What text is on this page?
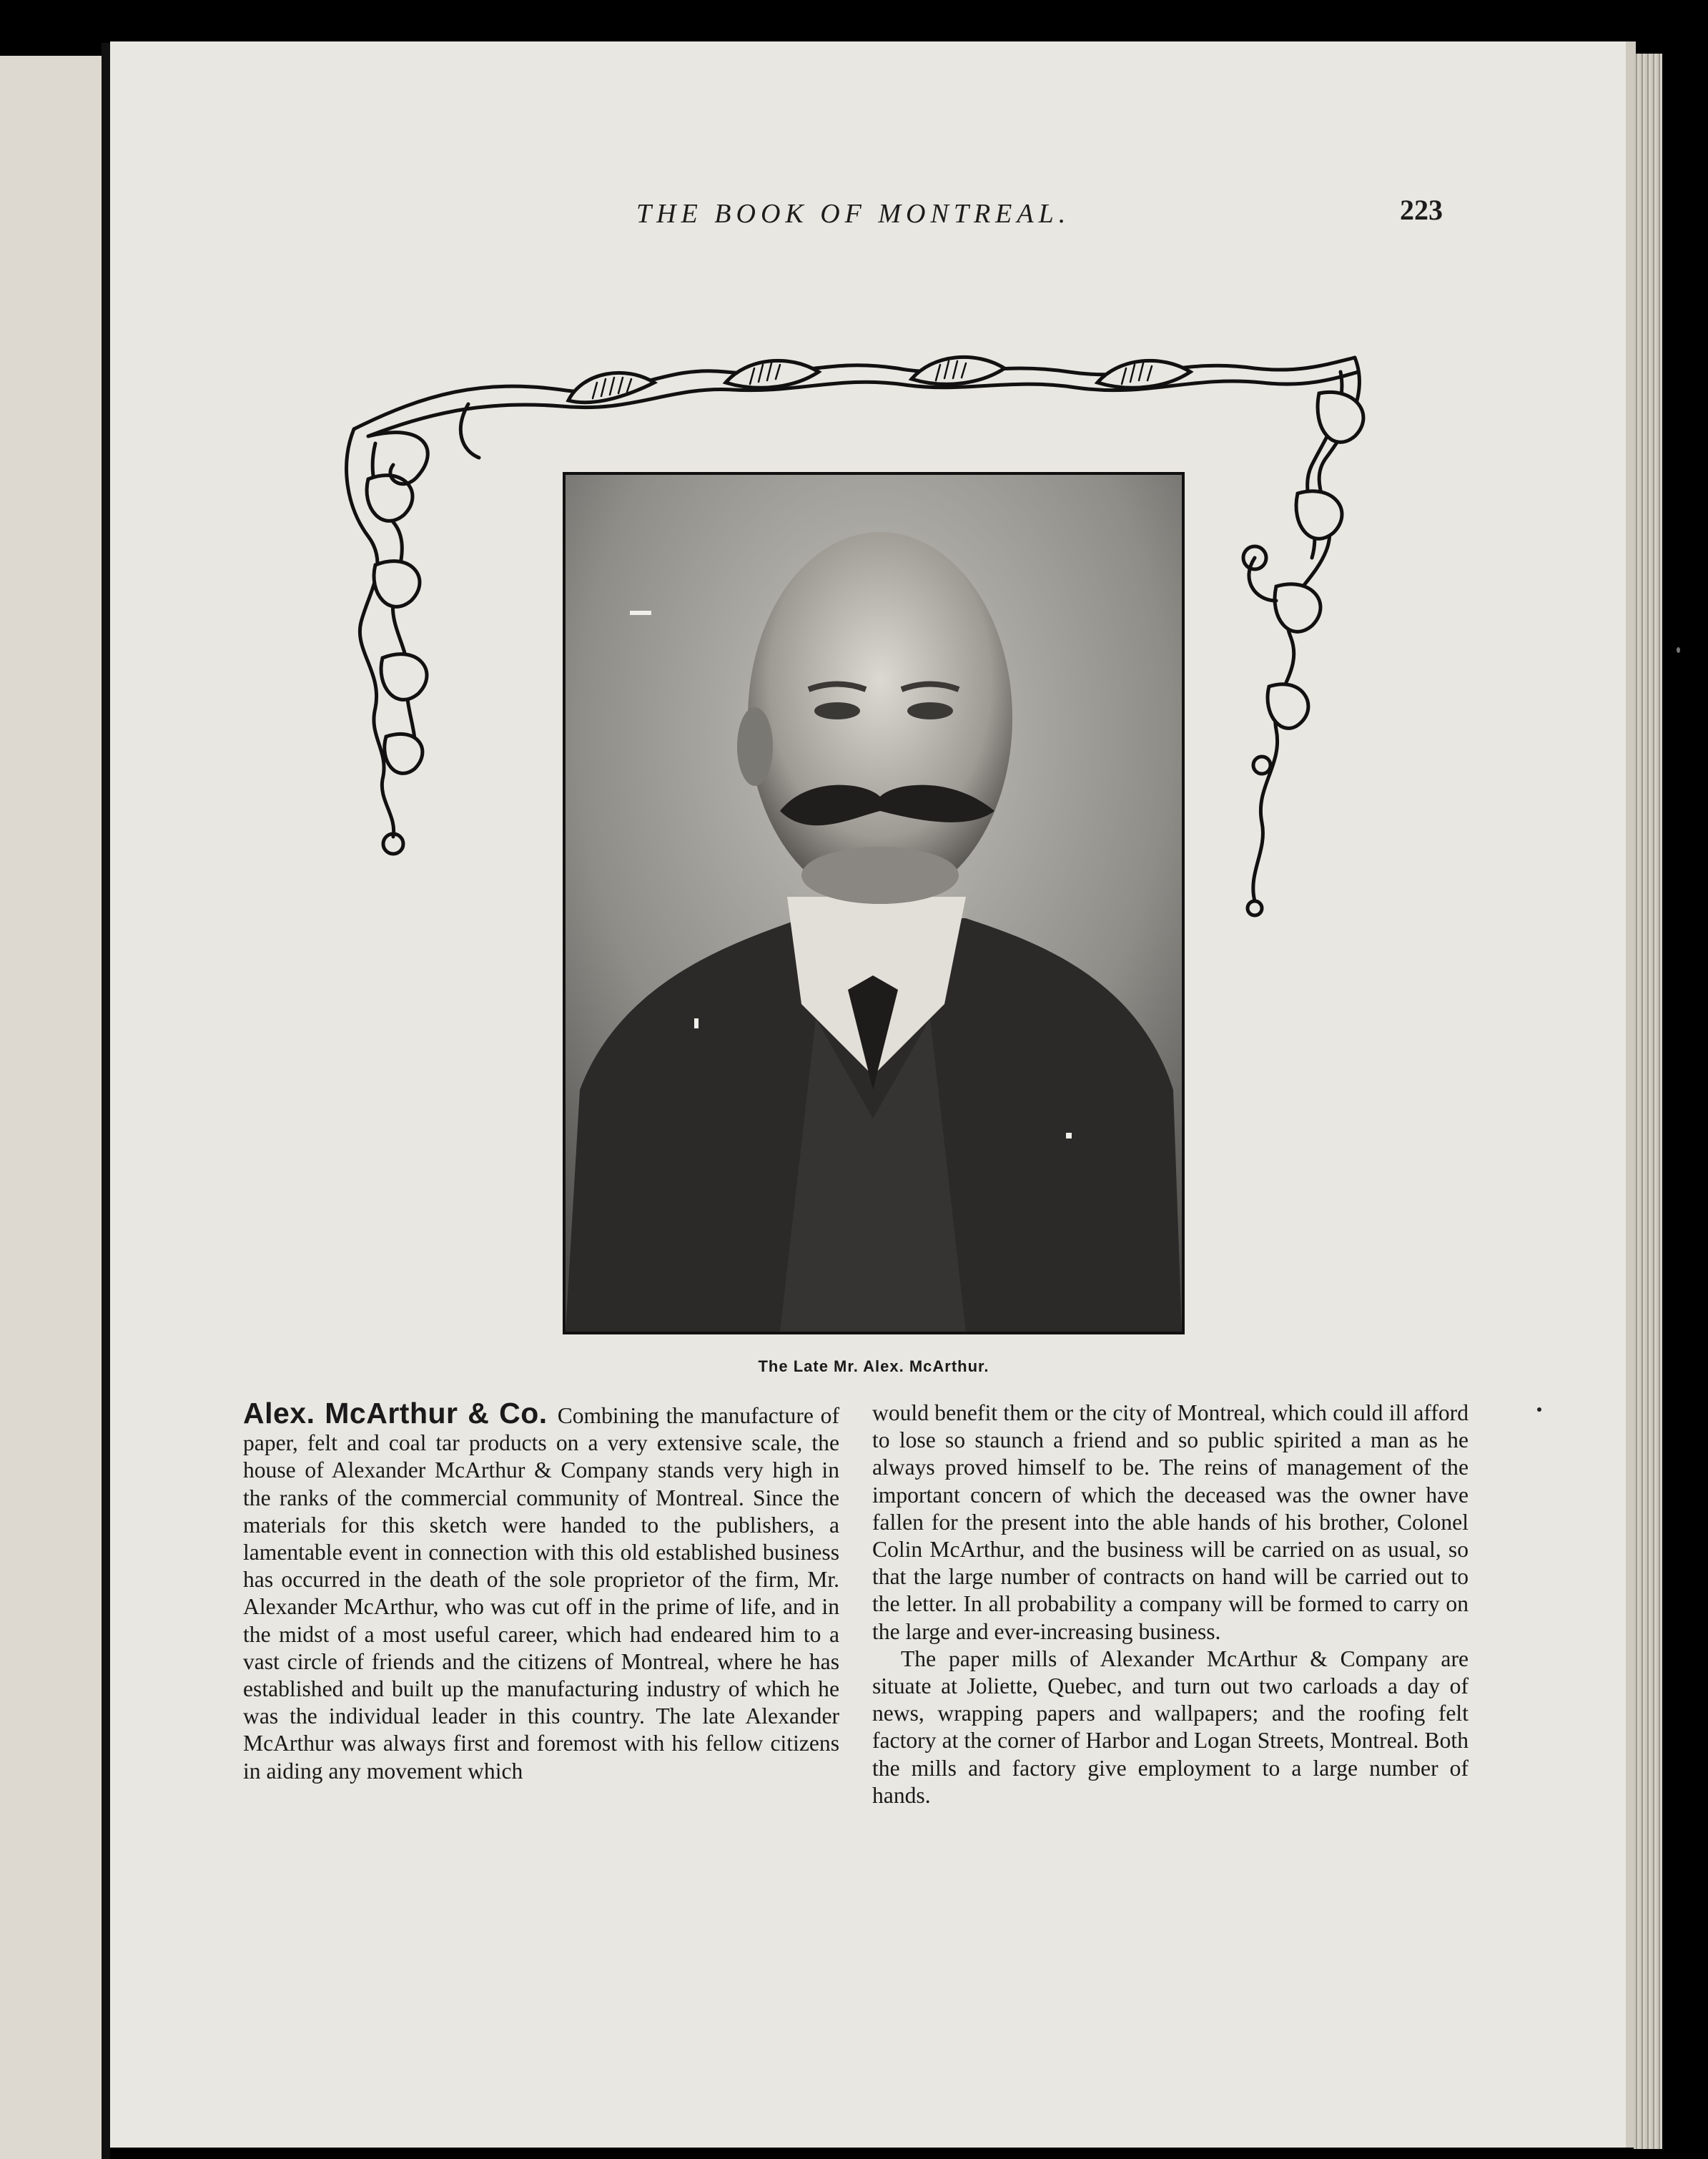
THE BOOK OF MONTREAL.	223
The Late Mr. Alex. McArthur.

Alex. McArthur & Co. Combining the manufacture of paper, felt and coal tar products on a very extensive scale, the house of Alexander McArthur & Company stands very high in the ranks of the commercial community of Montreal. Since the materials for this sketch were handed to the publishers, a lamentable event in connection with this old established business has occurred in the death of the sole proprietor of the firm, Mr. Alexander McArthur, who was cut off in the prime of life, and in the midst of a most useful career, which had endeared him to a vast circle of friends and the citizens of Montreal, where he has established and built up the manufacturing industry of which he was the individual leader in this country. The late Alexander McArthur was always first and foremost with his fellow citizens in aiding any movement which

would benefit them or the city of Montreal, which could ill afford to lose so staunch a friend and so public spirited a man as he always proved himself to be. The reins of management of the important concern of which the deceased was the owner have fallen for the present into the able hands of his brother, Colonel Colin McArthur, and the business will be carried on as usual, so that the large number of contracts on hand will be carried out to the letter. In all probability a company will be formed to carry on the large and ever-increasing business.

The paper mills of Alexander McArthur & Company are situate at Joliette, Quebec, and turn out two carloads a day of news, wrapping papers and wallpapers; and the roofing felt factory at the corner of Harbor and Logan Streets, Montreal. Both the mills and factory give employment to a large number of hands.
